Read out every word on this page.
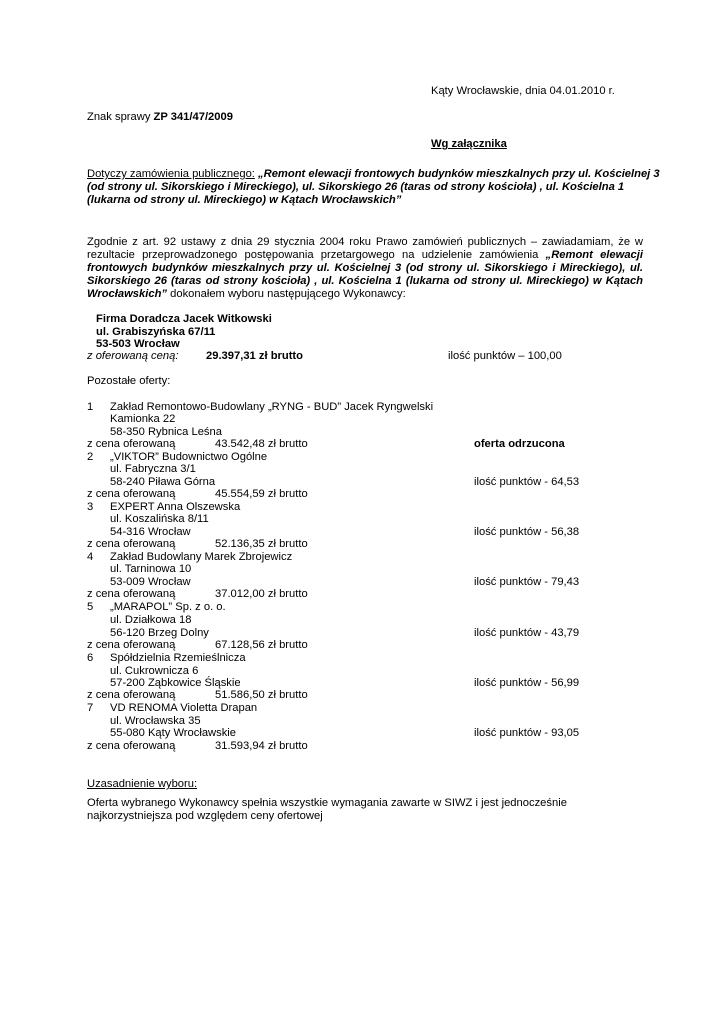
Kąty Wrocławskie, dnia 04.01.2010 r.
Znak sprawy ZP 341/47/2009
Wg załącznika
Dotyczy zamówienia publicznego: „Remont elewacji frontowych budynków mieszkalnych przy ul. Kościelnej 3
(od strony ul. Sikorskiego i Mireckiego), ul. Sikorskiego 26 (taras od strony kościoła) , ul. Kościelna 1
(lukarna od strony ul. Mireckiego) w Kątach Wrocławskich”
Zgodnie z art. 92 ustawy z dnia 29 stycznia 2004 roku Prawo zamówień publicznych – zawiadamiam, że w rezultacie przeprowadzonego postępowania przetargowego na udzielenie zamówienia „Remont elewacji frontowych budynków mieszkalnych przy ul. Kościelnej 3 (od strony ul. Sikorskiego i Mireckiego), ul. Sikorskiego 26 (taras od strony kościoła) , ul. Kościelna 1 (lukarna od strony ul. Mireckiego) w Kątach Wrocławskich” dokonałem wyboru następującego Wykonawcy:
Firma Doradcza Jacek Witkowski
ul. Grabiszyńska 67/11
53-503 Wrocław
z oferowaną ceną: 29.397,31 zł brutto	ilość punktów – 100,00
Pozostałe oferty:
1 Zakład Remontowo-Budowlany „RYNG - BUD” Jacek Ryngwelski
Kamionka 22
58-350 Rybnica Leśna
z cena oferowaną	43.542,48 zł brutto	oferta odrzucona
2 „VIKTOR” Budownictwo Ogólne
ul. Fabryczna 3/1
58-240 Piława Górna	ilość punktów - 64,53
z cena oferowaną	45.554,59 zł brutto
3 EXPERT Anna Olszewska
ul. Koszalińska 8/11
54-316 Wrocław	ilość punktów - 56,38
z cena oferowaną	52.136,35 zł brutto
4 Zakład Budowlany Marek Zbrojewicz
ul. Tarninowa 10
53-009 Wrocław	ilość punktów - 79,43
z cena oferowaną	37.012,00 zł brutto
5 „MARAPOL” Sp. z o. o.
ul. Działkowa 18
56-120 Brzeg Dolny	ilość punktów - 43,79
z cena oferowaną	67.128,56 zł brutto
6 Spółdzielnia Rzemieślnicza
ul. Cukrownicza 6
57-200 Ząbkowice Śląskie	ilość punktów - 56,99
z cena oferowaną	51.586,50 zł brutto
7 VD RENOMA Violetta Drapan
ul. Wrocławska 35
55-080 Kąty Wrocławskie	ilość punktów - 93,05
z cena oferowaną	31.593,94 zł brutto
Uzasadnienie wyboru:
Oferta wybranego Wykonawcy spełnia wszystkie wymagania zawarte w SIWZ i jest jednocześnie najkorzystniejsza pod względem ceny ofertowej
